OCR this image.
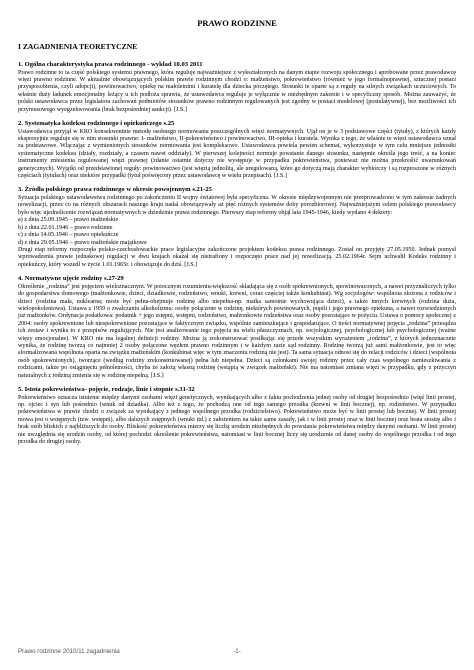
PRAWO RODZINNE
I ZAGADNIENIA TEORETYCZNE
1. Ogólna charakterystyka prawa rodzinnego - wykład 10.03 2011
Prawo rodzinne to ta część polskiego systemu prawnego, która reguluje najważniejsze z wykształconych na danym etapie rozwoju społecznego i aprobowane przez prawodawcę więzi prawno rodzinne. W aktualnie obowiązujących polskim prawie rodzinnym chodzi o: małżeństwo, pokrewieństwo (również w jego formalnoprawnej, sztucznej postaci przysposobienia, czyli adopcji), powinowactwo, opiekę na małoletnimi i kuratelę dla dziecka poczętego. Stosunki te oparte są z reguły na silnych związkach uczuciowych. To właśnie duży ładunek emocjonalny leżący u ich podłoża sprawia, że ustawodawca reguluje je wyłącznie w niezbędnym zakresie i w specyficzny sposób. Można zauważyć, że polski ustawodawca przez legislatora zachowań podmiotów stosunków prawno rodzinnym regulowanych jest zgodny w postaci modelowej (postulatywnej), bez możliwości ich przymusowego wyegzekwowania (brak bezpośredniej sankcji). [J.S.]
2. Systematyka kodeksu rodzinnego i opiekuńczego s.25
Ustawodawca przyjął w KRO konsekwentnie metodę osobnego normowania poszczególnych więzi normatywnych. Ujął on je w 3 podstawowe części (tytuły), z których każdy ekspresyjnie reguluje się w nim stosunki prawne: I- małżeństwo, II-pokrewieństwo i powinowactwo, III-opieka i kuratela. Wynika z tego, że właśnie te więzi ustawodawca uznał za podstawowe. Włączając z wymienionych stosunków normowania jest kompleksowo. Ustawodawca powiela pewien schemat, wykorzystuje w tym celu mniejsze jednostki systematyczne kodeksu (działy, rozdziały, a czasem nawet oddziały). W pierwszej kolejności normuje powstanie danego stosunku, następnie określa jego treść, a na koniec instrumenty zniesienia regulowanej więzi prawnej (zdanie ostatnie dotyczy nie występuje w przypadku pokrewieństwa, ponieważ nie można przekreślić uwarunkowań genetycznych). Wyjątki od przedstawionej reguły: powinowactwo (jest więzią jednolitą, ale uregulowaną, które go dotyczą mają charakter wybiórczy i są rozproszone w różnych częściach (tytułach) oraz niektóre przypadki (tytuł poświęcony przez ustawodawcę w wielu przepisach). [J.S.]
3. Źródła polskiego prawa rodzinnego w okresie powojennym s.21-25
Sytuacja polskiego ustawodawstwa rodzinnego po zakończeniu II wojny światowej była specyficzna. W okresie międzywojennym nie przeprowadzono w tym zakresie żadnych nowelizacji, przez co na różnych obszarach naszego kraju nadal obowiązywały aż pięć różnych systemów doby porozbiorowej. Najważniejszym celem polskiego prawodawcy było więc ujednolicenie rozwiązań normatywnych w dziedzinie prawa rodzinnego. Pierwszy etap reformy objął lata 1945-1946, kiedy wydano 4 dekrety:
a) z dnia 25.09.1945 – prawo małżeńskie
b) z dnia 22.01.1946 – prawo rodzinne
c) z dnia 14.05.1946 – prawo opiekuńcze
d) z dnia 29.05.1946 – prawo małżeńskie majątkowe
Drugi etap reformy rozpoczęła polsko-czechosłowackie prace legislacyjne zakończone projektem kodeksu prawa rodzinnego. Został on przyjęty 27.05.1950. Jednak pomysł wprowadzenia prawie jednakowej regulacji w dwu krajach okazał się nietrafiony i rozpoczęto prace nad jej nowelizacją. 25.02.1964r. Sejm uchwalił Kodeks rodzinny i opiekuńczy, który wszedł w życie 1.01.1965r. i obowiązuje do dziś. [J.S.]
4. Normatywne ujęcie rodziny s.27-29
Określenie „rodzina” jest pojęciem wieloznacznym. W potocznym rozumieniu-większość składająca się z osób spokrewnionych, spowinowaconych, a nawet przyznaliczych tylko do gospodarstwa domowego (małżonkowie, dzieci, dziadkowie, rodzeństwo, wnuki, krewni, coraz częściej także konkubinat). Wg socjologów: wspólnota złożona z rodziców i dzieci (rodzina mała, nuklearna; może być pełna-obejmuje rodzinę albo niepełna-np. matka samotnie wychowująca dzieci), a także innych krewnych (rodzina duża, wielopokoleniowa). Ustawa z 1959 o zwalczaniu alkoholizmu: osoby połączone w rodzinę, niektórych powinowatych, pupili i jego prawnego opiekuna, a nawet rozwiedzionych już małżonków. Ordynacja podatkowa: podatnik + jego zstępni, wstępni, rodzeństwo, małżonkowie rodzeństwa oraz osoby pozostające w pożyciu. Ustawa o pomocy społecznej z 2004: osoby spokrewnione lub niespokrewnione pozostające w faktycznym związku, wspólnie zamieszkujące i gospodarujące. O treści normatywnej pojęcia „rodzina” przesądza ich zestaw i wynika to z przepisów regulujących. Nie jest analizowanie tego pojęcia na wielu płaszczyznach, np. socjologicznej, psychologicznej lub psychologicznej (ważne więzy emocjonalne). W KRO nie ma legalnej definicji rodziny. Można ją zrekonstruować posiłkując się przede wszystkim wyrażeniem „rodzina”, z których jednoznacznie wynika, że rodzinę tworzą co najmniej 2 osoby połączone węzłem prawno rodzinnym i w każdym razie sąd rodzinny. Rodzinę tworzą już sami małżonkowie, jest to więc sformalizowana wspólnota oparta na związku małżeńskim (konkubinat więc w tym znaczeniu rodziną nie jest). Ta sama sytuacja odnosi się do relacji rodziców i dzieci (wspólnota osób spokrewnionych), tworzące (według rodziny zrekonstruowanej) pełna lub niepełna. Dzieci są członkami swojej rodziny przez cały czas wspólnego zamieszkiwania z rodzicami, także po osiągnięciu pełnoletności, chyba że założą własną rodzinę (wstąpią w związek małżeński). Nie ma natomiast zmiana więzi w przypadku, gdy z przyczyn naturalnych z rodziną zmienia się w rodzinę niepełną. [J.S.]
5. Istota pokrewieństwa- pojęcie, rodzaje, linie i stopnie s.31-32
Pokrewieństwo oznacza istnienie między danymi osobami więzi genetycznych, wynikających albo z faktu pochodzenia jednej osoby od drugiej bezpośrednio (więź linii prostej, np. ojciec i syn lub pośrednio (wnuk od dziadka). Albo też z tego, że pochodzą one od tego samego przodka (krewni w linii bocznej), np. rodzeństwo. W przypadku pokrewieństwa w prawie chodzi o związek za wynikający z jednego wspólnego przodka (rodzicielstwo). Pokrewieństwo może być w linii prostej lub bocznej. W linii prostej mowa jest o wstępnych (tzw. wstępni), albo dalszych zstępnych (wnuki itd.) z założeniem na takie same zasady, jak i w linii prostej oraz w linii bocznej oraz brata siostrę albo i brak osób bliskich z najbliższych do osoby. Bliskość pokrewieństwa mierzy się liczbą urodzin niezbędnych do powstania pokrewieństwa między danymi osobami. W linii prostej nie uwzględnia się urodzin osoby, od której pochodzi określenie pokrewieństwa, natomiast w linii bocznej liczy się urodzenie od danej osoby do wspólnego przodka i od tego przodka do drugiej osoby.
Prawo rodzinne 2010/11 zagadnienia	-1-
